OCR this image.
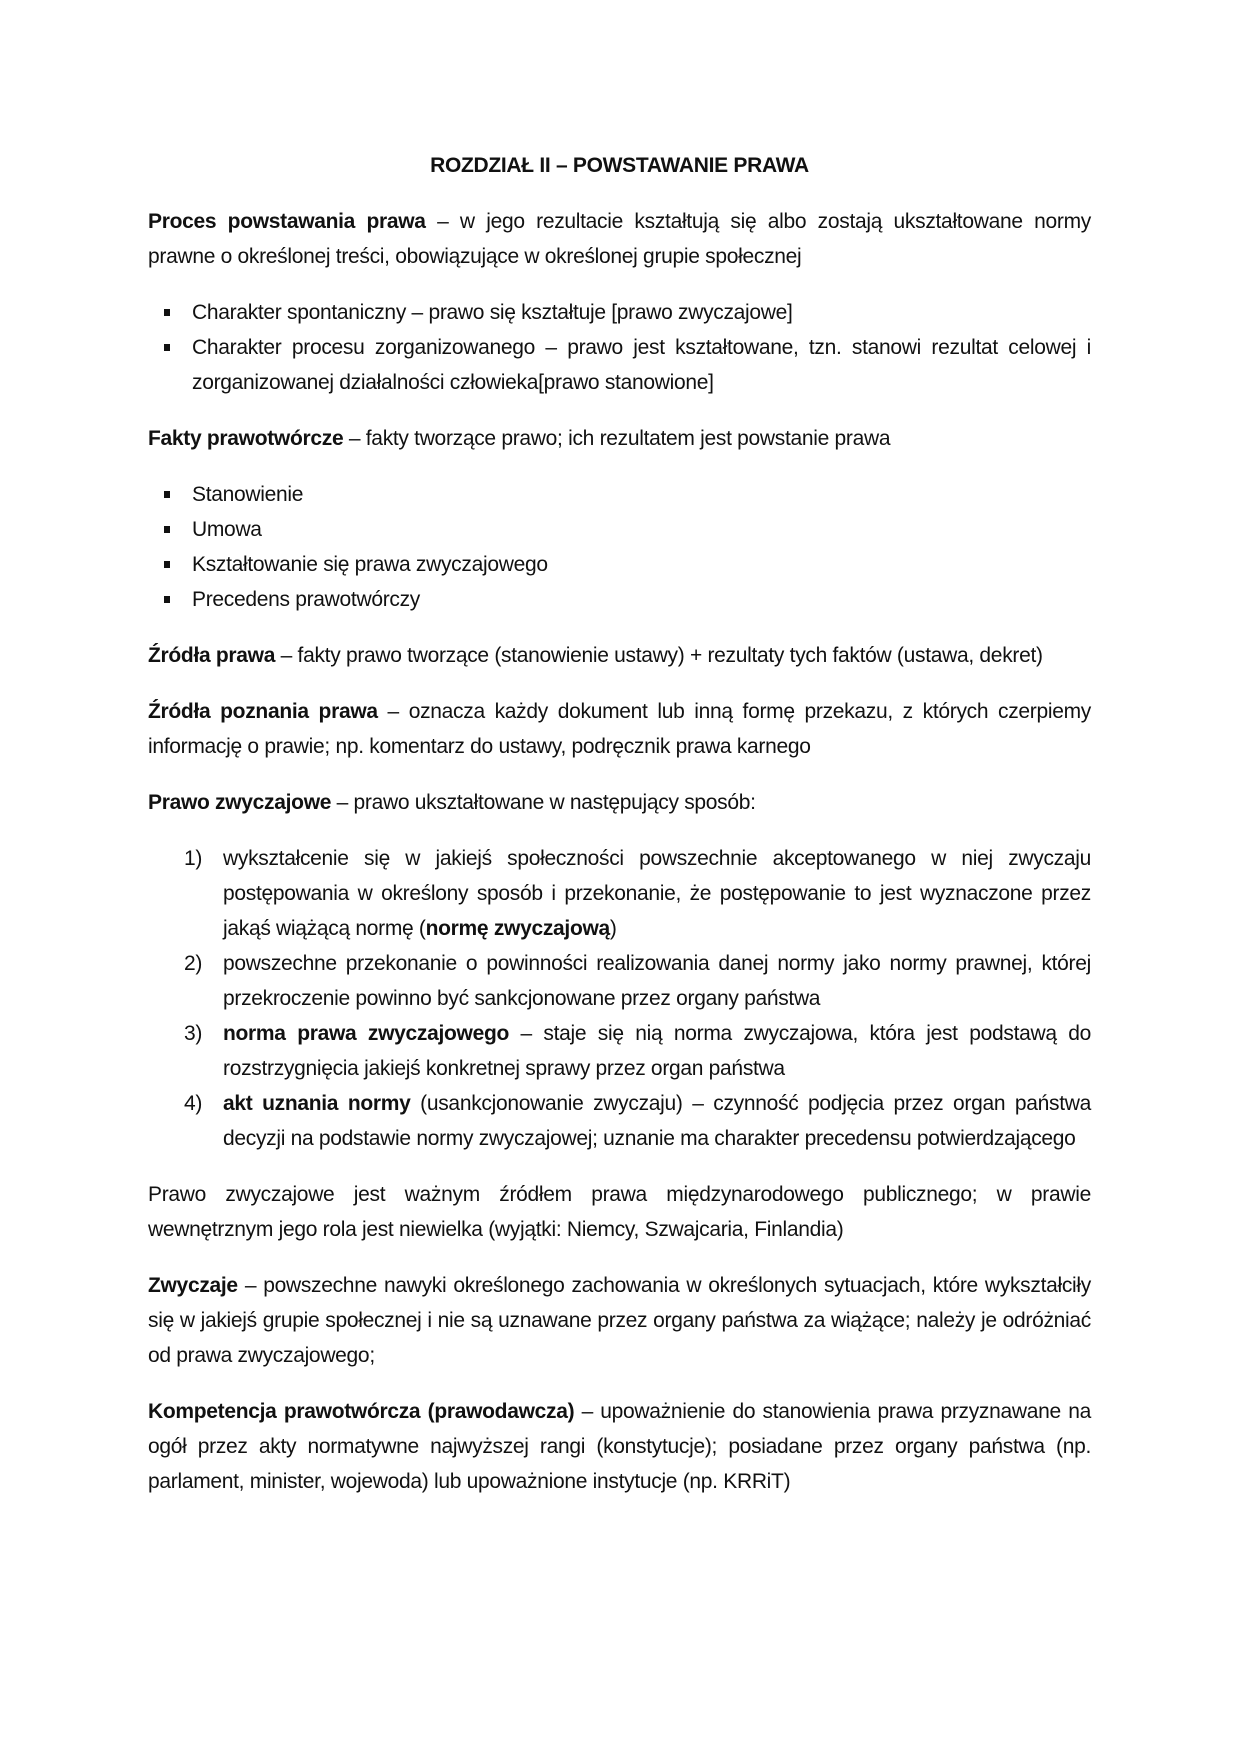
ROZDZIAŁ II – POWSTAWANIE PRAWA

Proces powstawania prawa – w jego rezultacie kształtują się albo zostają ukształtowane normy prawne o określonej treści, obowiązujące w określonej grupie społecznej

Charakter spontaniczny – prawo się kształtuje [prawo zwyczajowe]
Charakter procesu zorganizowanego – prawo jest kształtowane, tzn. stanowi rezultat celowej i zorganizowanej działalności człowieka[prawo stanowione]

Fakty prawotwórcze – fakty tworzące prawo; ich rezultatem jest powstanie prawa

Stanowienie
Umowa
Kształtowanie się prawa zwyczajowego
Precedens prawotwórczy

Źródła prawa – fakty prawo tworzące (stanowienie ustawy) + rezultaty tych faktów (ustawa, dekret)

Źródła poznania prawa – oznacza każdy dokument lub inną formę przekazu, z których czerpiemy informację o prawie; np. komentarz do ustawy, podręcznik prawa karnego

Prawo zwyczajowe – prawo ukształtowane w następujący sposób:

1) wykształcenie się w jakiejś społeczności powszechnie akceptowanego w niej zwyczaju postępowania w określony sposób i przekonanie, że postępowanie to jest wyznaczone przez jakąś wiążącą normę (normę zwyczajową)
2) powszechne przekonanie o powinności realizowania danej normy jako normy prawnej, której przekroczenie powinno być sankcjonowane przez organy państwa
3) norma prawa zwyczajowego – staje się nią norma zwyczajowa, która jest podstawą do rozstrzygnięcia jakiejś konkretnej sprawy przez organ państwa
4) akt uznania normy (usankcjonowanie zwyczaju) – czynność podjęcia przez organ państwa decyzji na podstawie normy zwyczajowej; uznanie ma charakter precedensu potwierdzającego

Prawo zwyczajowe jest ważnym źródłem prawa międzynarodowego publicznego; w prawie wewnętrznym jego rola jest niewielka (wyjątki: Niemcy, Szwajcaria, Finlandia)

Zwyczaje – powszechne nawyki określonego zachowania w określonych sytuacjach, które wykształciły się w jakiejś grupie społecznej i nie są uznawane przez organy państwa za wiążące; należy je odróżniać od prawa zwyczajowego;

Kompetencja prawotwórcza (prawodawcza) – upoważnienie do stanowienia prawa przyznawane na ogół przez akty normatywne najwyższej rangi (konstytucje); posiadane przez organy państwa (np. parlament, minister, wojewoda) lub upoważnione instytucje (np. KRRiT)
